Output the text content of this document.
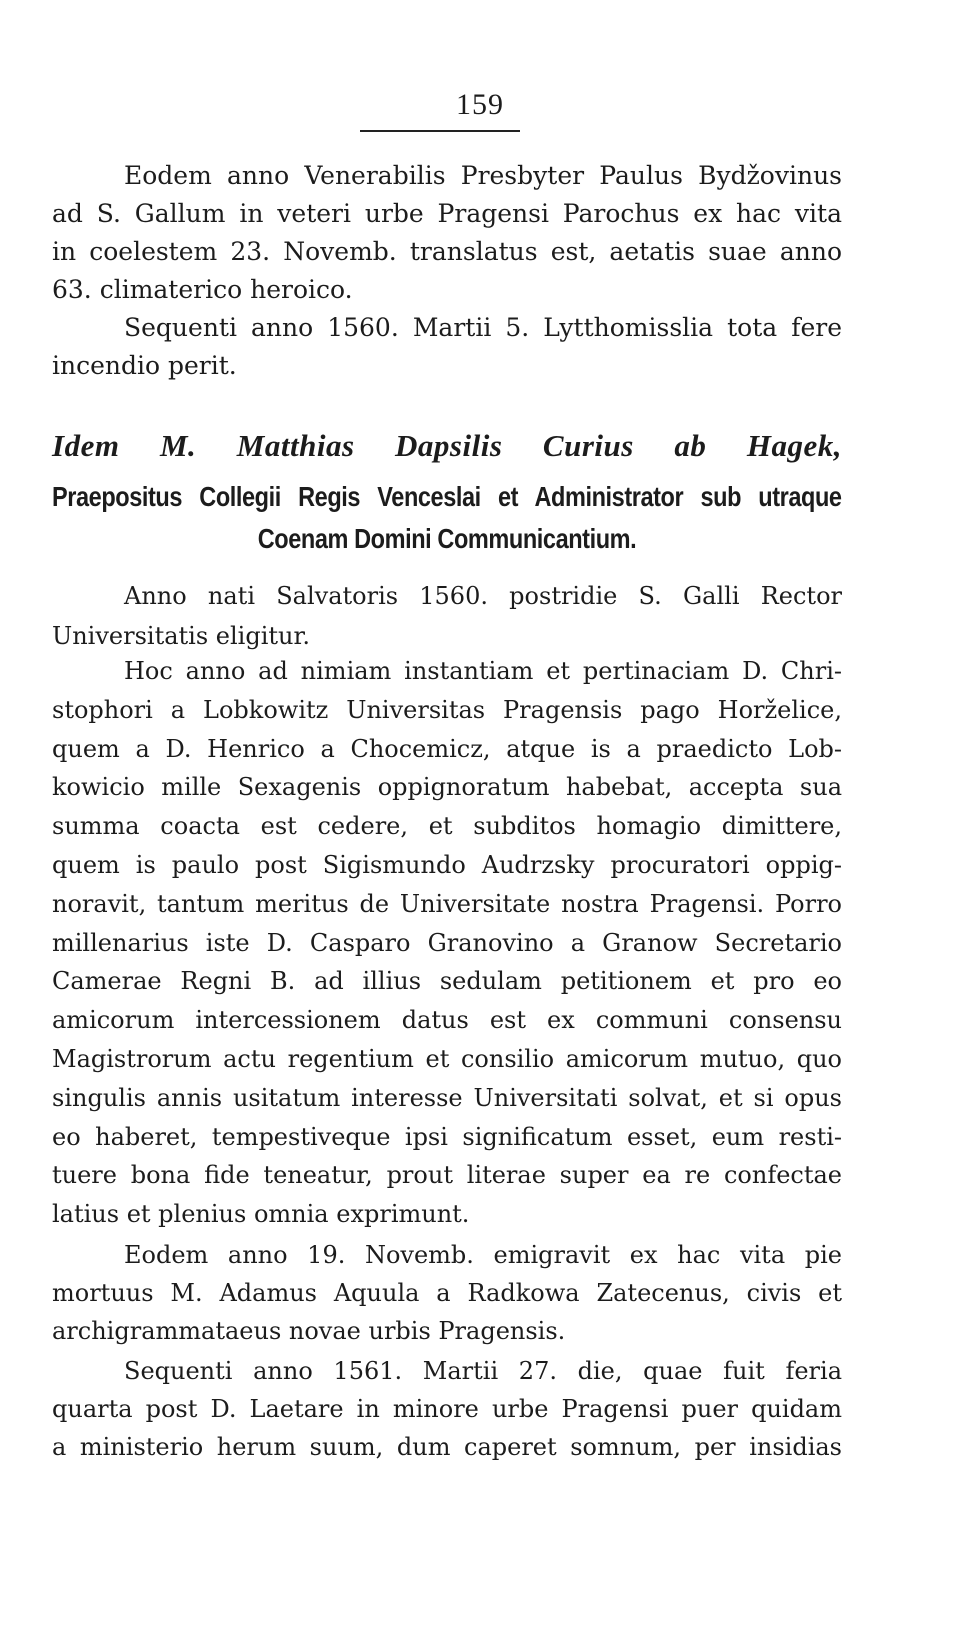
159
Eodem anno Venerabilis Presbyter Paulus Bydžovinus
ad S. Gallum in veteri urbe Pragensi Parochus ex hac vita
in coelestem 23. Novemb. translatus est, aetatis suae anno
63. climaterico heroico.
Sequenti anno 1560. Martii 5. Lytthomisslia tota fere
incendio perit.
Idem M. Matthias Dapsilis Curius ab Hagek,
Praepositus Collegii Regis Venceslai et Administrator sub utraque
Coenam Domini Communicantium.
Anno nati Salvatoris 1560. postridie S. Galli Rector
Universitatis eligitur.
Hoc anno ad nimiam instantiam et pertinaciam D. Chri-
stophori a Lobkowitz Universitas Pragensis pago Horželice,
quem a D. Henrico a Chocemicz, atque is a praedicto Lob-
kowicio mille Sexagenis oppignoratum habebat, accepta sua
summa coacta est cedere, et subditos homagio dimittere,
quem is paulo post Sigismundo Audrzsky procuratori oppig-
noravit, tantum meritus de Universitate nostra Pragensi. Porro
millenarius iste D. Casparo Granovino a Granow Secretario
Camerae Regni B. ad illius sedulam petitionem et pro eo
amicorum intercessionem datus est ex communi consensu
Magistrorum actu regentium et consilio amicorum mutuo, quo
singulis annis usitatum interesse Universitati solvat, et si opus
eo haberet, tempestiveque ipsi significatum esset, eum resti-
tuere bona fide teneatur, prout literae super ea re confectae
latius et plenius omnia exprimunt.
Eodem anno 19. Novemb. emigravit ex hac vita pie
mortuus M. Adamus Aquula a Radkowa Zatecenus, civis et
archigrammataeus novae urbis Pragensis.
Sequenti anno 1561. Martii 27. die, quae fuit feria
quarta post D. Laetare in minore urbe Pragensi puer quidam
a ministerio herum suum, dum caperet somnum, per insidias
